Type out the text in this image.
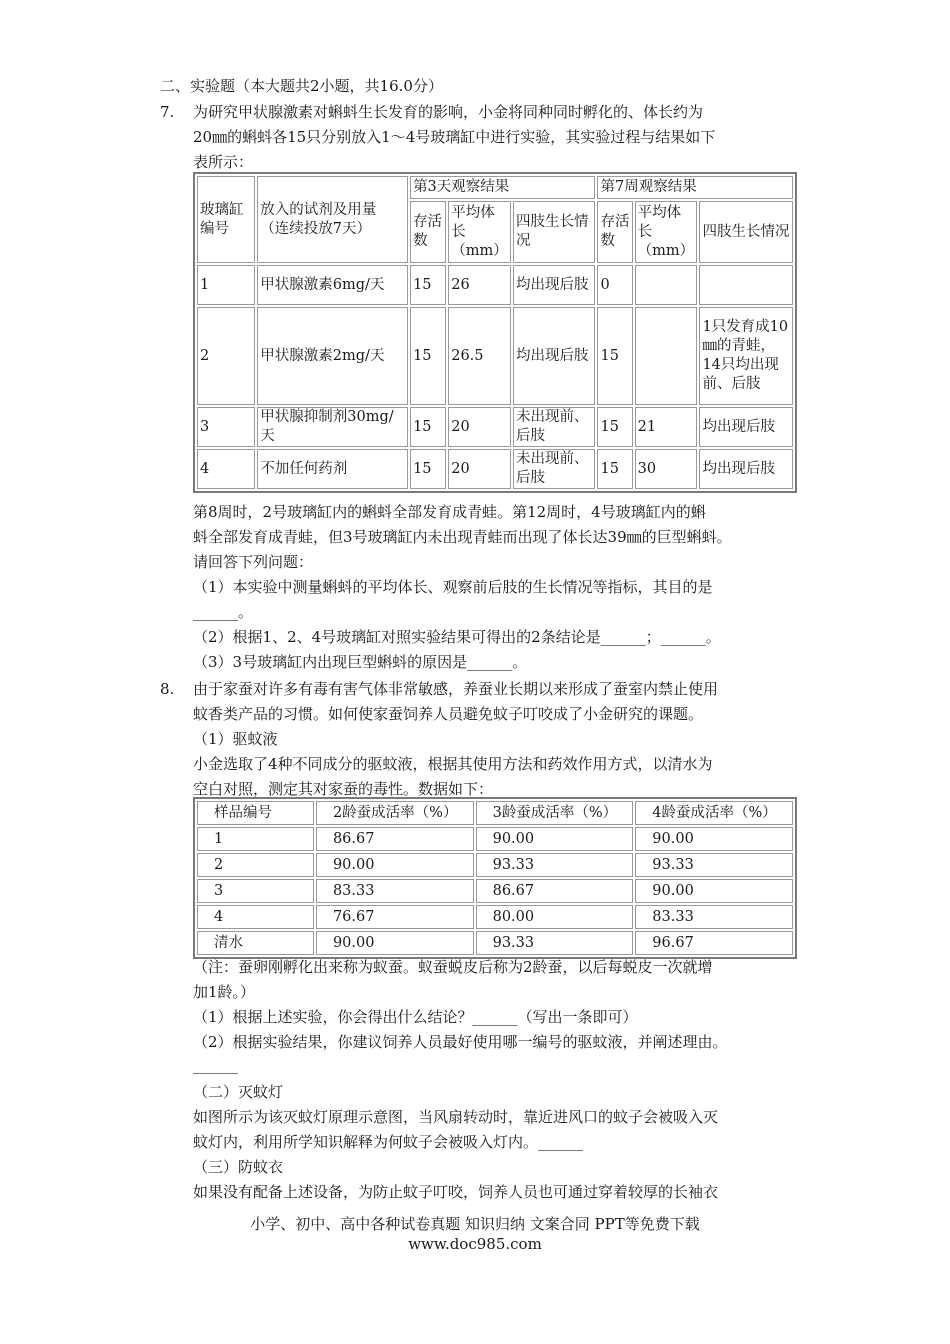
二、实验题（本大题共2小题，共16.0分）
7. 为研究甲状腺激素对蝌蚪生长发育的影响，小金将同种同时孵化的、体长约为
20㎜的蝌蚪各15只分别放入1～4号玻璃缸中进行实验，其实验过程与结果如下
表所示：
玻璃缸编号	放入的试剂及用量（连续投放7天）	第3天观察结果			第7周观察结果		
		存活数	平均体长（mm）	四肢生长情况	存活数	平均体长（mm）	四肢生长情况
1	甲状腺激素6mg/天	15	26	均出现后肢	0		
2	甲状腺激素2mg/天	15	26.5	均出现后肢	15		1只发育成10㎜的青蛙，14只均出现前、后肢
3	甲状腺抑制剂30mg/天	15	20	未出现前、后肢	15	21	均出现后肢
4	不加任何药剂	15	20	未出现前、后肢	15	30	均出现后肢
第8周时，2号玻璃缸内的蝌蚪全部发育成青蛙。第12周时，4号玻璃缸内的蝌
蚪全部发育成青蛙，但3号玻璃缸内未出现青蛙而出现了体长达39㎜的巨型蝌蚪。
请回答下列问题：
（1）本实验中测量蝌蚪的平均体长、观察前后肢的生长情况等指标，其目的是
______。
（2）根据1、2、4号玻璃缸对照实验结果可得出的2条结论是______；______。
（3）3号玻璃缸内出现巨型蝌蚪的原因是______。
8. 由于家蚕对许多有毒有害气体非常敏感，养蚕业长期以来形成了蚕室内禁止使用
蚊香类产品的习惯。如何使家蚕饲养人员避免蚊子叮咬成了小金研究的课题。
（1）驱蚊液
小金选取了4种不同成分的驱蚊液，根据其使用方法和药效作用方式，以清水为
空白对照，测定其对家蚕的毒性。数据如下：
样品编号	2龄蚕成活率（%）	3龄蚕成活率（%）	4龄蚕成活率（%）
1	86.67	90.00	90.00
2	90.00	93.33	93.33
3	83.33	86.67	90.00
4	76.67	80.00	83.33
清水	90.00	93.33	96.67
（注：蚕卵刚孵化出来称为蚁蚕。蚁蚕蜕皮后称为2龄蚕，以后每蜕皮一次就增
加1龄。）
（1）根据上述实验，你会得出什么结论？______（写出一条即可）
（2）根据实验结果，你建议饲养人员最好使用哪一编号的驱蚊液，并阐述理由。
______
（二）灭蚊灯
如图所示为该灭蚊灯原理示意图，当风扇转动时，靠近进风口的蚊子会被吸入灭
蚊灯内，利用所学知识解释为何蚊子会被吸入灯内。______
（三）防蚊衣
如果没有配备上述设备，为防止蚊子叮咬，饲养人员也可通过穿着较厚的长袖衣
小学、初中、高中各种试卷真题 知识归纳 文案合同 PPT等免费下载
www.doc985.com
